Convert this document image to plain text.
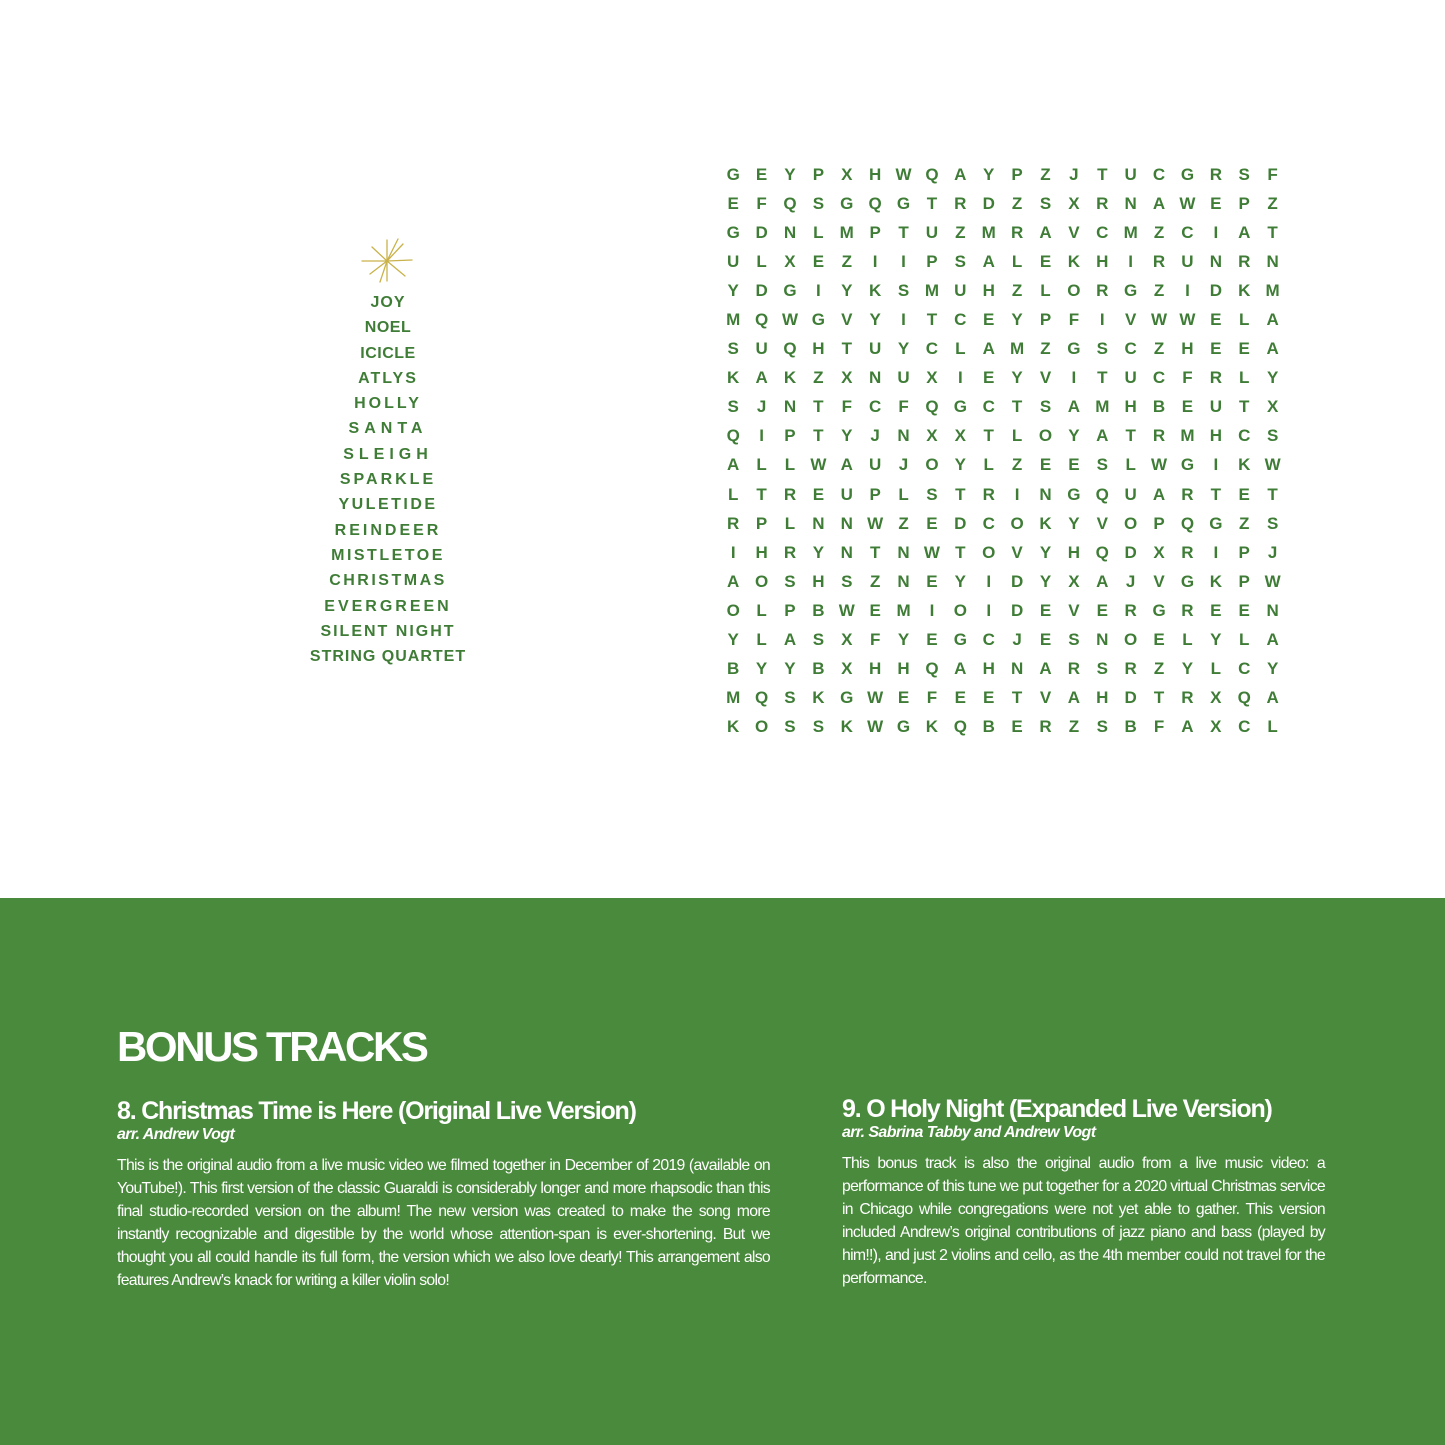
JOY
NOEL
ICICLE
ATLYS
HOLLY
SANTA
SLEIGH
SPARKLE
YULETIDE
REINDEER
MISTLETOE
CHRISTMAS
EVERGREEN
SILENT NIGHT
STRING QUARTET
G E	Y	P	X H W Q A Y	P	Z	J	T	U C G R S	F
E	F Q S G Q G T	R D	Z	S	X R N A W E	P	Z
G D N	L M P	T	U	Z M R A V C M Z	C	I	A	T
U	L	X	E	Z	I	I	P	S A	L	E K H	I	R U N R N
Y D G	I	Y K S M U H	Z	L O R G Z	I	D K M
M Q W G V	Y	I	T	C E	Y	P	F	I	V W W E	L	A
S U Q H	T	U Y C	L	A M Z G S C	Z	H E	E A
K A K	Z	X N U X	I	E	Y	V	I	T	U C	F	R	L	Y
S	J	N	T	F	C	F Q G C	T	S A M H B E U	T	X
Q	I	P	T	Y	J	N X	X	T	L O Y A	T	R M H C S
A	L	L W A U	J	O Y	L	Z	E	E	S	L W G	I	K W
L	T	R E U P	L	S	T	R	I	N G Q U A R	T	E	T
R P	L	N N W Z	E D C O K Y	V O P Q G Z	S
I	H R Y N	T	N W T O V	Y H Q D X R	I	P	J
A O S H S	Z	N E	Y	I	D Y	X A	J	V G K P W
O L	P B W E M	I	O	I	D E	V	E R G R E	E N
Y	L	A S	X	F	Y	E G C	J	E	S N O E	L	Y	L	A
B Y	Y B X H H Q A H N A R S R	Z	Y	L	C Y
M Q S K G W E	F	E	E	T	V A H D	T	R X Q A
K O S	S K W G K Q B E R	Z	S B	F	A X C	L
BONUS TRACKS
8. Christmas Time is Here (Original Live Version)

arr. Andrew Vogt

This is the original audio from a live music video we filmed together in December of 2019 (available on YouTube!). This first version of the classic Guaraldi is considerably longer and more rhapsodic than this final studio-recorded version on the album! The new version was created to make the song more instantly recognizable and digestible by the world whose attention-span is ever-shortening. But we thought you all could handle its full form, the version which we also love dearly! This arrangement also features Andrew’s knack for writing a killer violin solo!

9. O Holy Night (Expanded Live Version)

arr. Sabrina Tabby and Andrew Vogt

This bonus track is also the original audio from a live music video: a performance of this tune we put together for a 2020 virtual Christmas service in Chicago while congregations were not yet able to gather. This version included Andrew’s original contributions of jazz piano and bass (played by him!!), and just 2 violins and cello, as the 4th member could not travel for the performance.
